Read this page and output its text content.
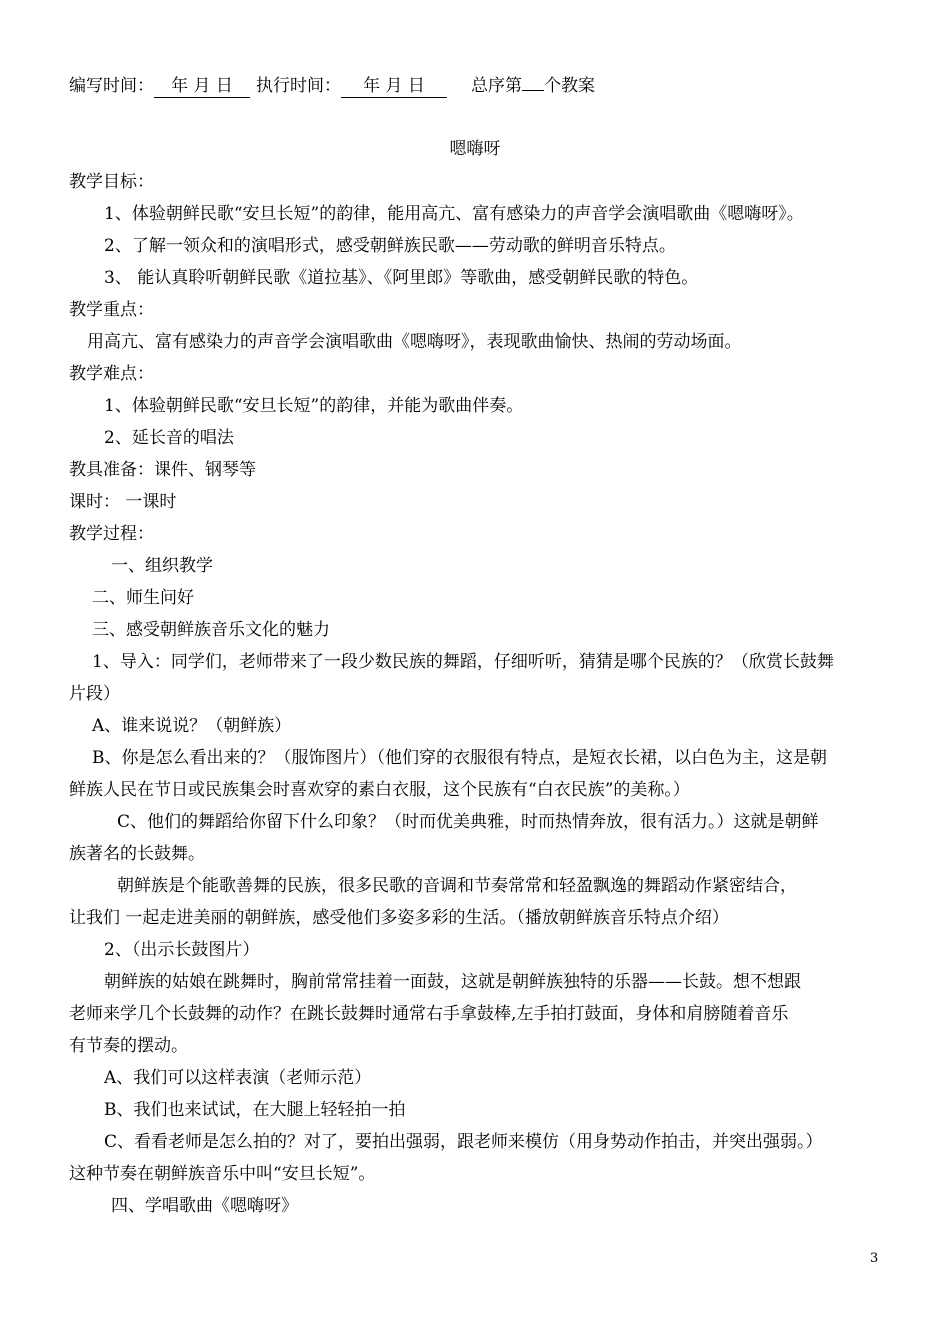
编写时间： 年 月 日 执行时间： 年 月 日	总序第 个教案
嗯嗨呀
教学目标：
1、体验朝鲜民歌“安旦长短”的韵律，能用高亢、富有感染力的声音学会演唱歌曲《嗯嗨呀》。
2、了解一领众和的演唱形式，感受朝鲜族民歌——劳动歌的鲜明音乐特点。
3、 能认真聆听朝鲜民歌《道拉基》、《阿里郎》等歌曲，感受朝鲜民歌的特色。
教学重点：
用高亢、富有感染力的声音学会演唱歌曲《嗯嗨呀》，表现歌曲愉快、热闹的劳动场面。
教学难点：
1、体验朝鲜民歌“安旦长短”的韵律，并能为歌曲伴奏。
2、延长音的唱法
教具准备：课件、钢琴等
课时： 一课时
教学过程：
一、组织教学
二、师生问好
三、感受朝鲜族音乐文化的魅力
1、导入：同学们，老师带来了一段少数民族的舞蹈，仔细听听，猜猜是哪个民族的？（欣赏长鼓舞
片段）
A、谁来说说？（朝鲜族）
B、你是怎么看出来的？（服饰图片）（他们穿的衣服很有特点，是短衣长裙，以白色为主，这是朝
鲜族人民在节日或民族集会时喜欢穿的素白衣服，这个民族有“白衣民族”的美称。）
C、他们的舞蹈给你留下什么印象？（时而优美典雅，时而热情奔放，很有活力。）这就是朝鲜
族著名的长鼓舞。
朝鲜族是个能歌善舞的民族，很多民歌的音调和节奏常常和轻盈飘逸的舞蹈动作紧密结合，
让我们 一起走进美丽的朝鲜族，感受他们多姿多彩的生活。（播放朝鲜族音乐特点介绍）
2、（出示长鼓图片）
朝鲜族的姑娘在跳舞时，胸前常常挂着一面鼓，这就是朝鲜族独特的乐器——长鼓。想不想跟
老师来学几个长鼓舞的动作？在跳长鼓舞时通常右手拿鼓棒,左手拍打鼓面，身体和肩膀随着音乐
有节奏的摆动。
A、我们可以这样表演（老师示范）
B、我们也来试试，在大腿上轻轻拍一拍
C、看看老师是怎么拍的？对了，要拍出强弱，跟老师来模仿（用身势动作拍击，并突出强弱。）
这种节奏在朝鲜族音乐中叫“安旦长短”。
四、学唱歌曲《嗯嗨呀》
3
